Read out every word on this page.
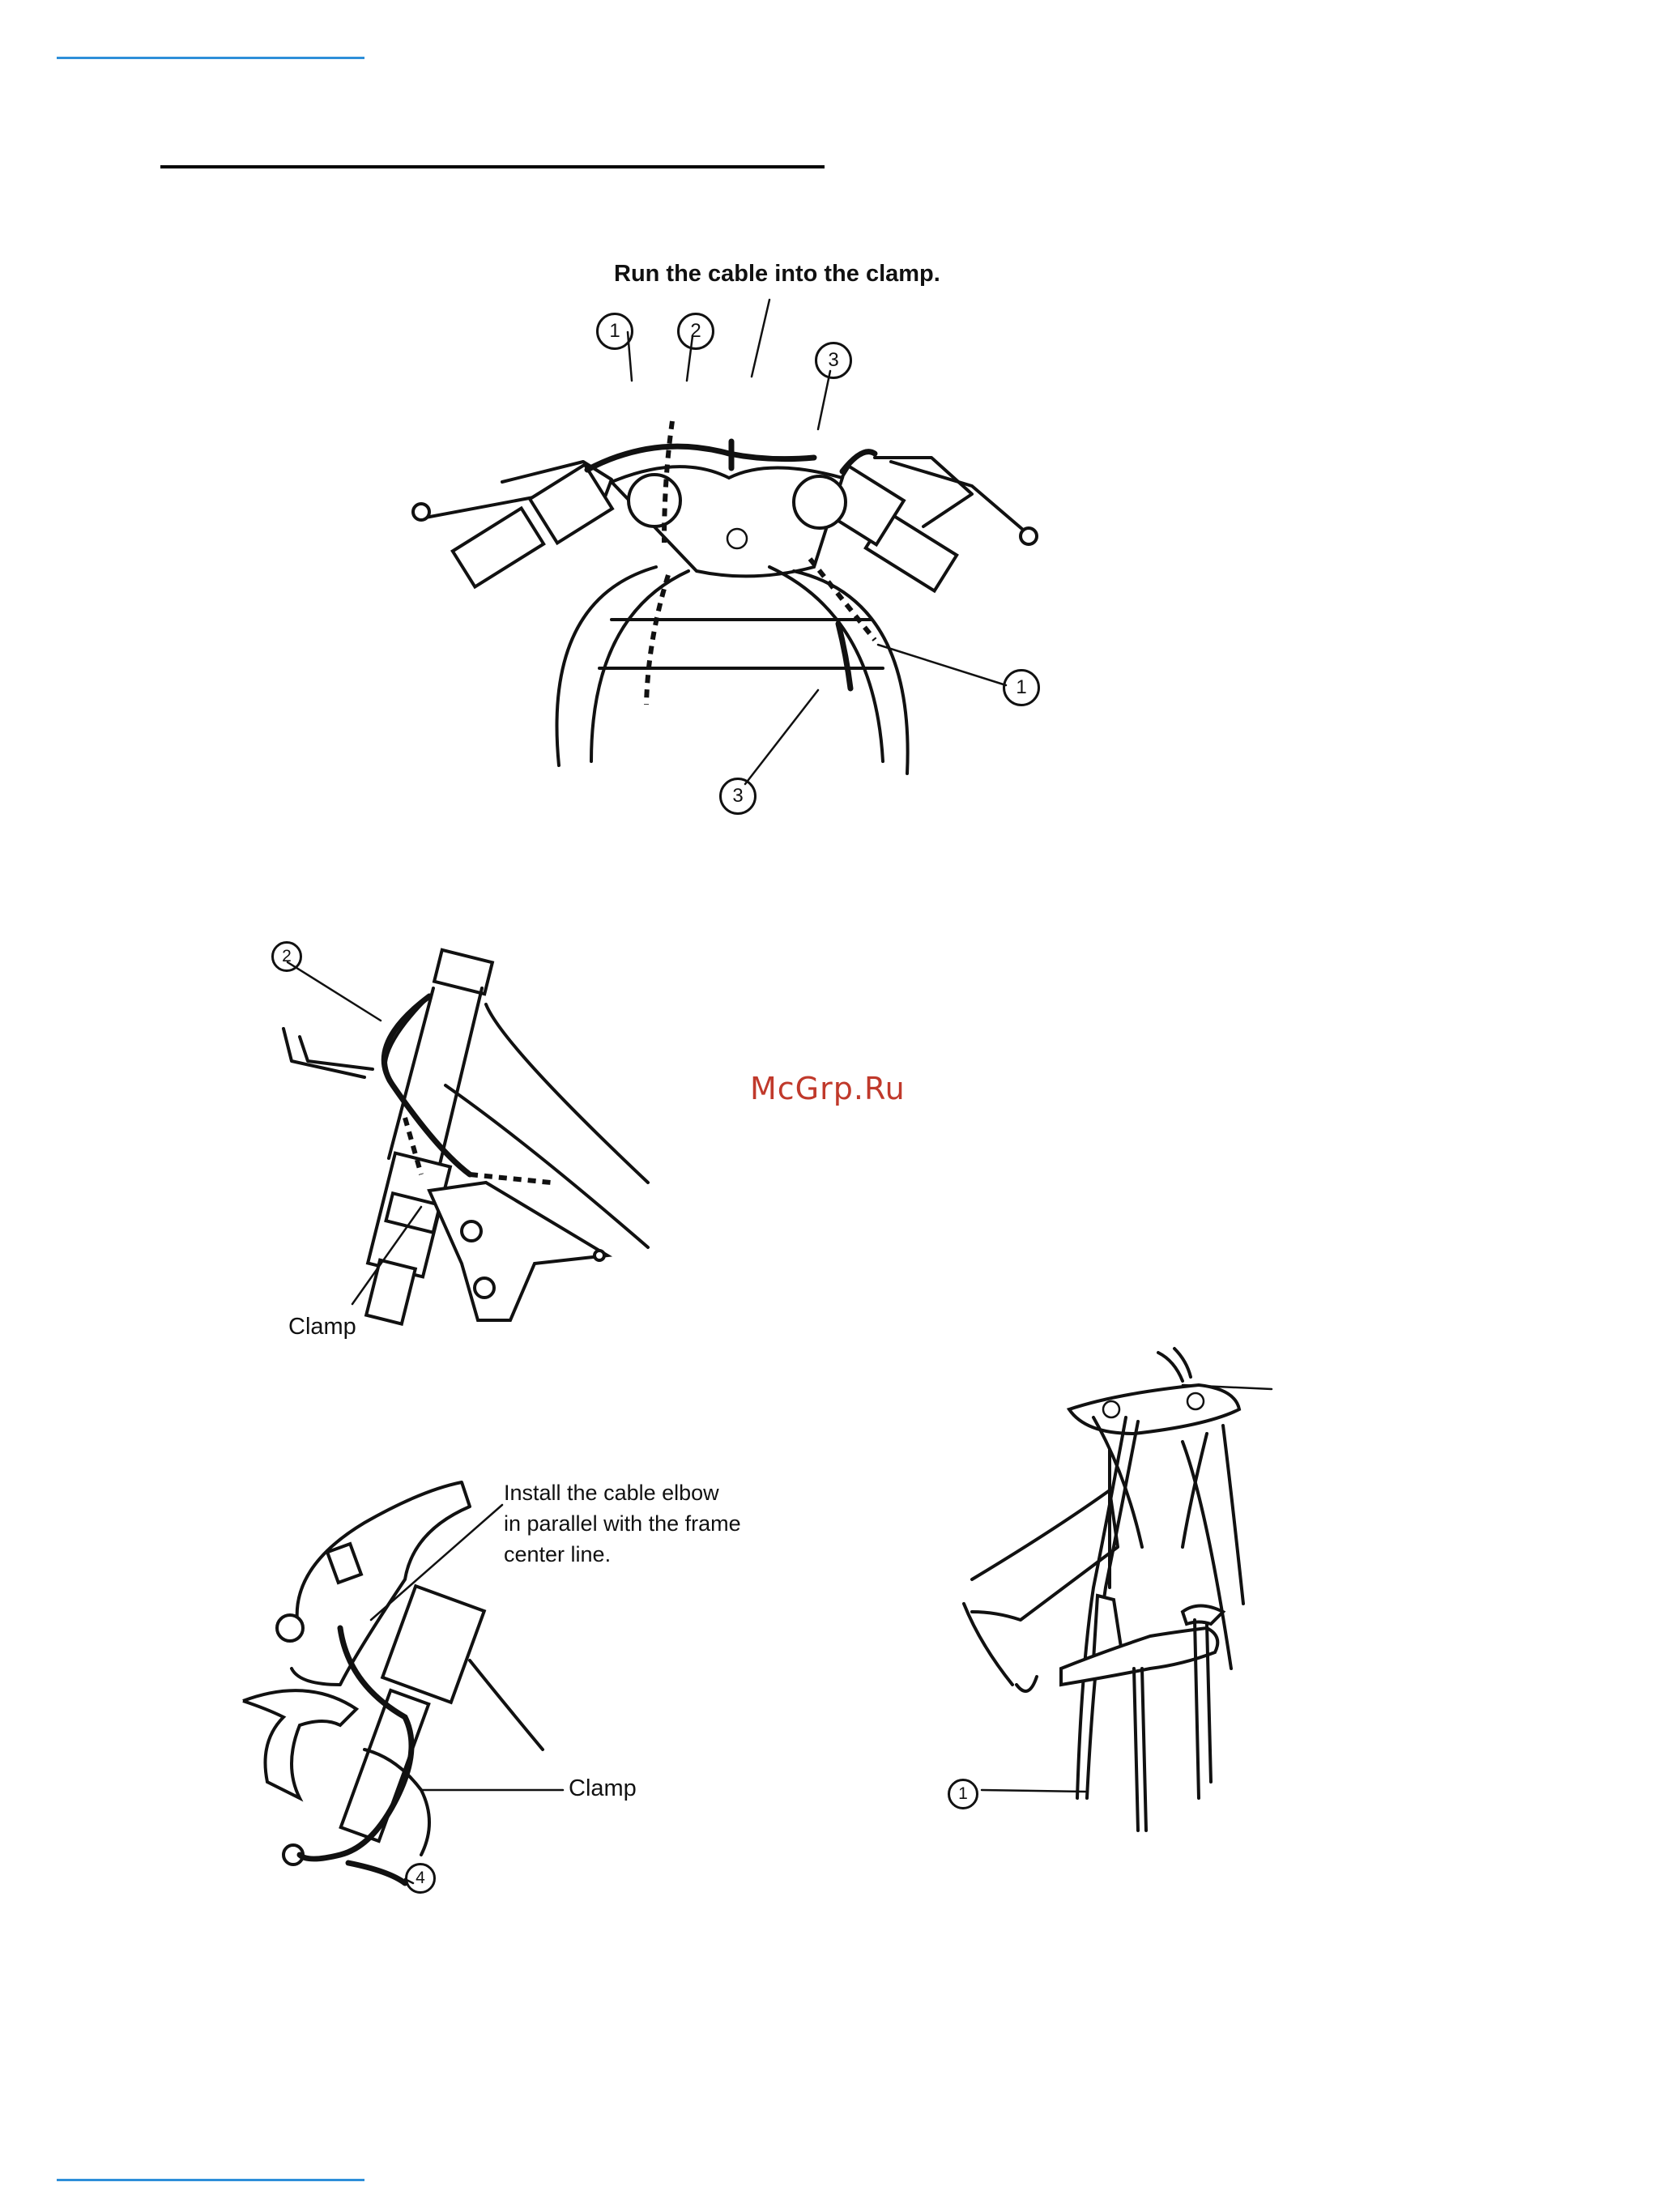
McGrp.Ru
Run the cable into the clamp.
1	2
3
1
3
2
Clamp
Install the cable elbow
in parallel with the frame
center line.
Clamp
4
1
